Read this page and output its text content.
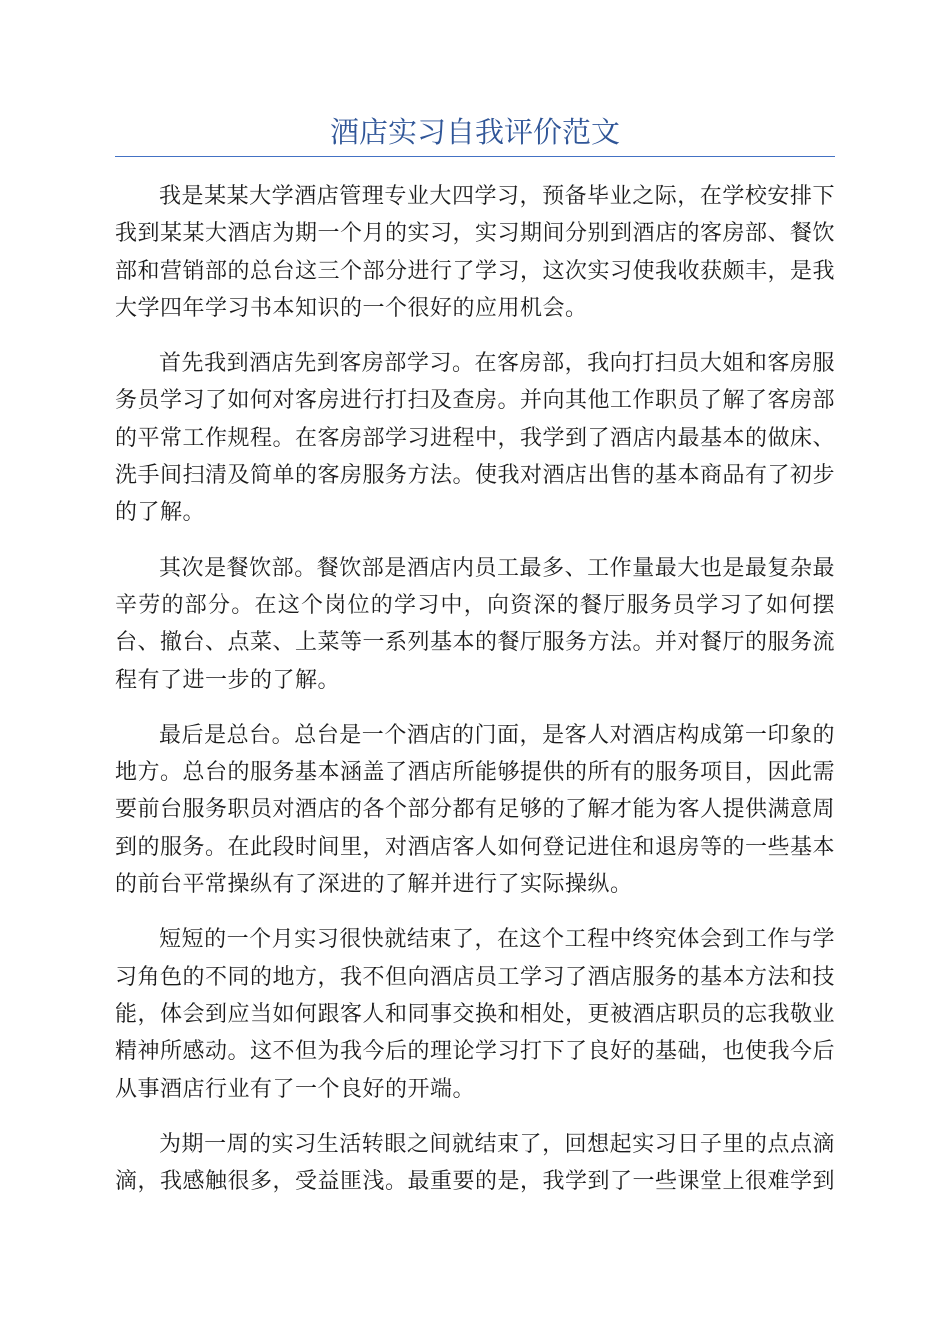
酒店实习自我评价范文

我是某某大学酒店管理专业大四学习，预备毕业之际，在学校安排下我到某某大酒店为期一个月的实习，实习期间分别到酒店的客房部、餐饮部和营销部的总台这三个部分进行了学习，这次实习使我收获颇丰，是我大学四年学习书本知识的一个很好的应用机会。

首先我到酒店先到客房部学习。在客房部，我向打扫员大姐和客房服务员学习了如何对客房进行打扫及查房。并向其他工作职员了解了客房部的平常工作规程。在客房部学习进程中，我学到了酒店内最基本的做床、洗手间扫清及简单的客房服务方法。使我对酒店出售的基本商品有了初步的了解。

其次是餐饮部。餐饮部是酒店内员工最多、工作量最大也是最复杂最辛劳的部分。在这个岗位的学习中，向资深的餐厅服务员学习了如何摆台、撤台、点菜、上菜等一系列基本的餐厅服务方法。并对餐厅的服务流程有了进一步的了解。

最后是总台。总台是一个酒店的门面，是客人对酒店构成第一印象的地方。总台的服务基本涵盖了酒店所能够提供的所有的服务项目，因此需要前台服务职员对酒店的各个部分都有足够的了解才能为客人提供满意周到的服务。在此段时间里，对酒店客人如何登记进住和退房等的一些基本的前台平常操纵有了深进的了解并进行了实际操纵。

短短的一个月实习很快就结束了，在这个工程中终究体会到工作与学习角色的不同的地方，我不但向酒店员工学习了酒店服务的基本方法和技能，体会到应当如何跟客人和同事交换和相处，更被酒店职员的忘我敬业精神所感动。这不但为我今后的理论学习打下了良好的基础，也使我今后从事酒店行业有了一个良好的开端。

为期一周的实习生活转眼之间就结束了，回想起实习日子里的点点滴滴，我感触很多，受益匪浅。最重要的是，我学到了一些课堂上很难学到
